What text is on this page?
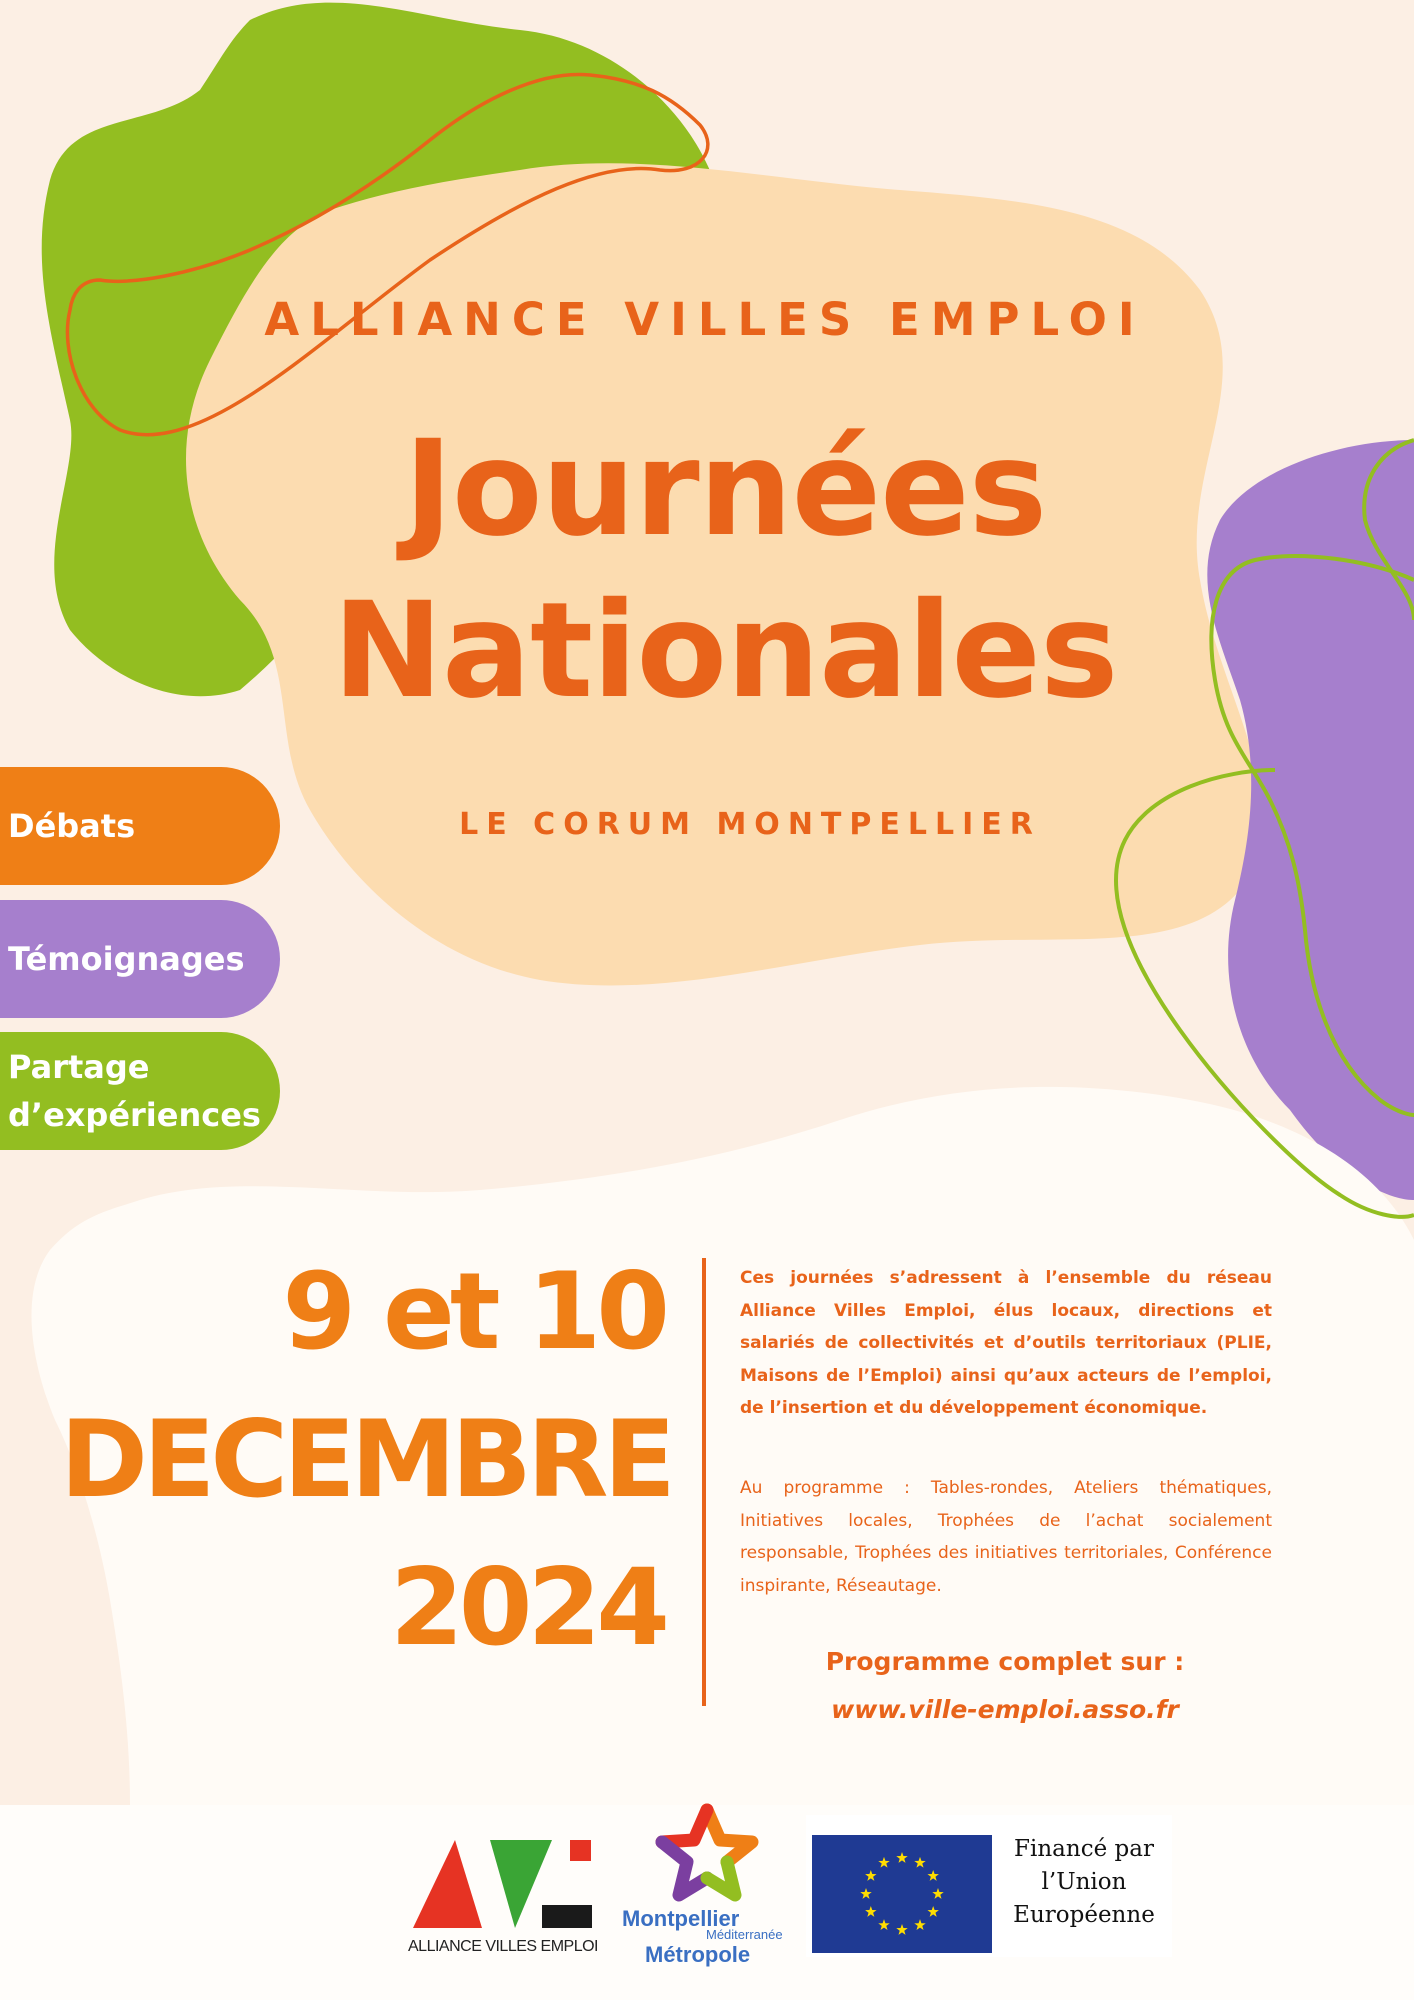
ALLIANCE VILLES EMPLOI
Journées
Nationales
LE CORUM MONTPELLIER
Débats
Témoignages
Partage
d’expériences
9 et 10
DECEMBRE
2024
Ces journées s’adressent à l’ensemble du réseau Alliance Villes Emploi, élus locaux, directions et salariés de collectivités et d’outils territoriaux (PLIE, Maisons de l’Emploi) ainsi qu’aux acteurs de l’emploi, de l’insertion et du développement économique.
Au programme : Tables-rondes, Ateliers thématiques, Initiatives locales, Trophées de l’achat socialement responsable, Trophées des initiatives territoriales, Conférence inspirante, Réseautage.
Programme complet sur :
www.ville-emploi.asso.fr
ALLIANCE VILLES EMPLOI
Montpellier
Méditerranée
Métropole
Financé par
l’Union
Européenne
